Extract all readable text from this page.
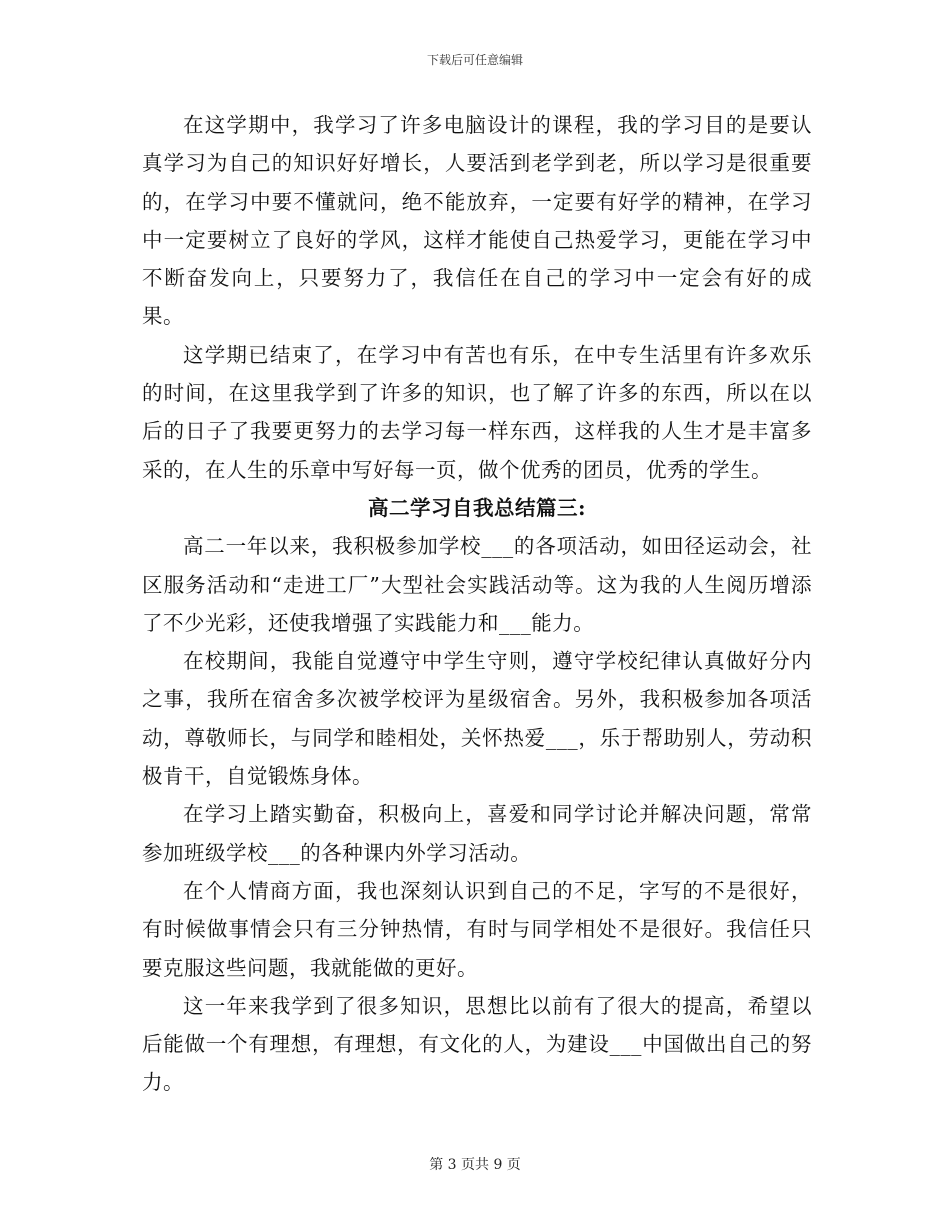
下载后可任意编辑

在这学期中，我学习了许多电脑设计的课程，我的学习目的是要认真学习为自己的知识好好增长，人要活到老学到老，所以学习是很重要的，在学习中要不懂就问，绝不能放弃，一定要有好学的精神，在学习中一定要树立了良好的学风，这样才能使自己热爱学习，更能在学习中不断奋发向上，只要努力了，我信任在自己的学习中一定会有好的成果。

这学期已结束了，在学习中有苦也有乐，在中专生活里有许多欢乐的时间，在这里我学到了许多的知识，也了解了许多的东西，所以在以后的日子了我要更努力的去学习每一样东西，这样我的人生才是丰富多采的，在人生的乐章中写好每一页，做个优秀的团员，优秀的学生。

高二学习自我总结篇三:

高二一年以来，我积极参加学校___的各项活动，如田径运动会，社区服务活动和“走进工厂”大型社会实践活动等。这为我的人生阅历增添了不少光彩，还使我增强了实践能力和___能力。

在校期间，我能自觉遵守中学生守则，遵守学校纪律认真做好分内之事，我所在宿舍多次被学校评为星级宿舍。另外，我积极参加各项活动，尊敬师长，与同学和睦相处，关怀热爱___，乐于帮助别人，劳动积极肯干，自觉锻炼身体。

在学习上踏实勤奋，积极向上，喜爱和同学讨论并解决问题，常常参加班级学校___的各种课内外学习活动。

在个人情商方面，我也深刻认识到自己的不足，字写的不是很好，有时候做事情会只有三分钟热情，有时与同学相处不是很好。我信任只要克服这些问题，我就能做的更好。

这一年来我学到了很多知识，思想比以前有了很大的提高，希望以后能做一个有理想，有理想，有文化的人，为建设___中国做出自己的努力。

第 3 页共 9 页
